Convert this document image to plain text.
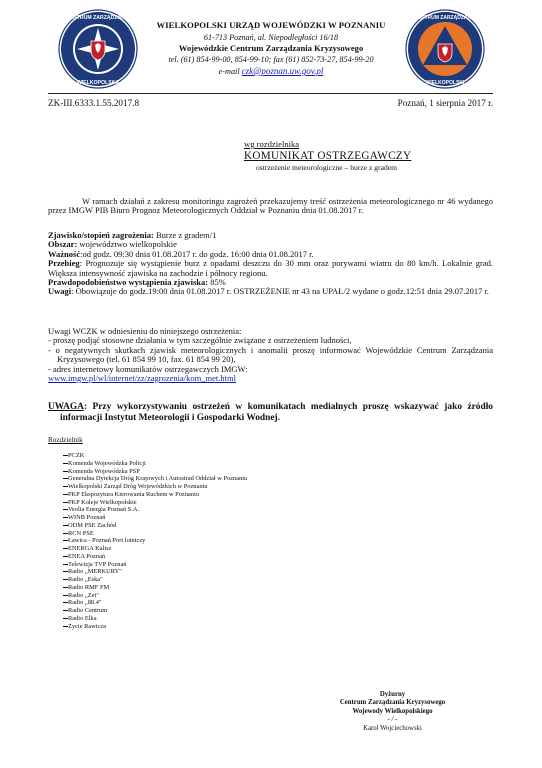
CENTRUM ZARZĄDZANIA
WIELKOPOLSKA
CENTRUM ZARZĄDZANIA
WIELKOPOLSKI
WIELKOPOLSKI URZĄD WOJEWÓDZKI W POZNANIU
61-713 Poznań, al. Niepodległości 16/18
Wojewódzkie Centrum Zarządzania Kryzysowego
tel. (61) 854-99-00, 854-99-10; fax (61) 852-73-27, 854-99-20
e-mail czk@poznan.uw.gov.pl
ZK-III.6333.1.55.2017.8	Poznań, 1 sierpnia 2017 r.
wg rozdzielnika
KOMUNIKAT OSTRZEGAWCZY
ostrzeżenie meteorologiczne – burze z gradem
W ramach działań z zakresu monitoringu zagrożeń przekazujemy treść ostrzeżenia meteorologicznego nr 46 wydanego przez IMGW PIB Biuro Prognoz Meteorologicznych Oddział w Poznaniu dnia 01.08.2017 r.
Zjawisko/stopień zagrożenia: Burze z gradem/1
Obszar: województwo wielkopolskie
Ważność:od godz. 09:30 dnia 01.08.2017 r. do godz. 16:00 dnia 01.08.2017 r.
Przebieg: Prognozuje się wystąpienie burz z opadami deszczu do 30 mm oraz porywami wiatru do 80 km/h. Lokalnie grad. Większa intensywność zjawiska na zachodzie i północy regionu.
Prawdopodobieństwo wystąpienia zjawiska: 85%
Uwagi: Obowiązuje do godz.19:00 dnia 01.08.2017 r. OSTRZEŻENIE nr 43 na UPAŁ/2 wydane o godz.12:51 dnia 29.07.2017 r.
Uwagi WCZK w odniesieniu do niniejszego ostrzeżenia:
- proszę podjąć stosowne działania w tym szczególnie związane z ostrzeżeniem ludności,
- o negatywnych skutkach zjawisk meteorologicznych i anomalii proszę informować Wojewódzkie Centrum Zarządzania Kryzysowego (tel. 61 854 99 10, fax. 61 854 99 20),
- adres internetowy komunikatów ostrzegawczych IMGW:
www.imgw.pl/wl/internet/zz/zagrozenia/kom_met.html
UWAGA: Przy wykorzystywaniu ostrzeżeń w komunikatach medialnych proszę wskazywać jako źródło informacji Instytut Meteorologii i Gospodarki Wodnej.
Rozdzielnik
PCZK
Komenda Wojewódzka Policji
Komenda Wojewódzka PSP
Generalna Dyrekcja Dróg Krajowych i Autostrad Oddział w Poznaniu
Wielkopolski Zarząd Dróg Wojewódzkich w Poznaniu
PKP Ekspozytura Kierowania Ruchem w Poznaniu
PKP Koleje Wielkopolskie
Veolia Energia Poznań S.A.
WINB Poznań
ODM PSE Zachód
RCN PSE
Ławica - Poznań Port lotniczy
ENERGA Kalisz
ENEA Poznań
Telewizja TVP Poznań
Radio „MERKURY"
Radio „Eska"
Radio RMF FM
Radio „Zet"
Radio „88.4"
Radio Centrum
Radio Elka
Życie Rawicza
Dyżurny
Centrum Zarządzania Kryzysowego
Wojewody Wielkopolskiego
- / -
Karol Wojciechowski
